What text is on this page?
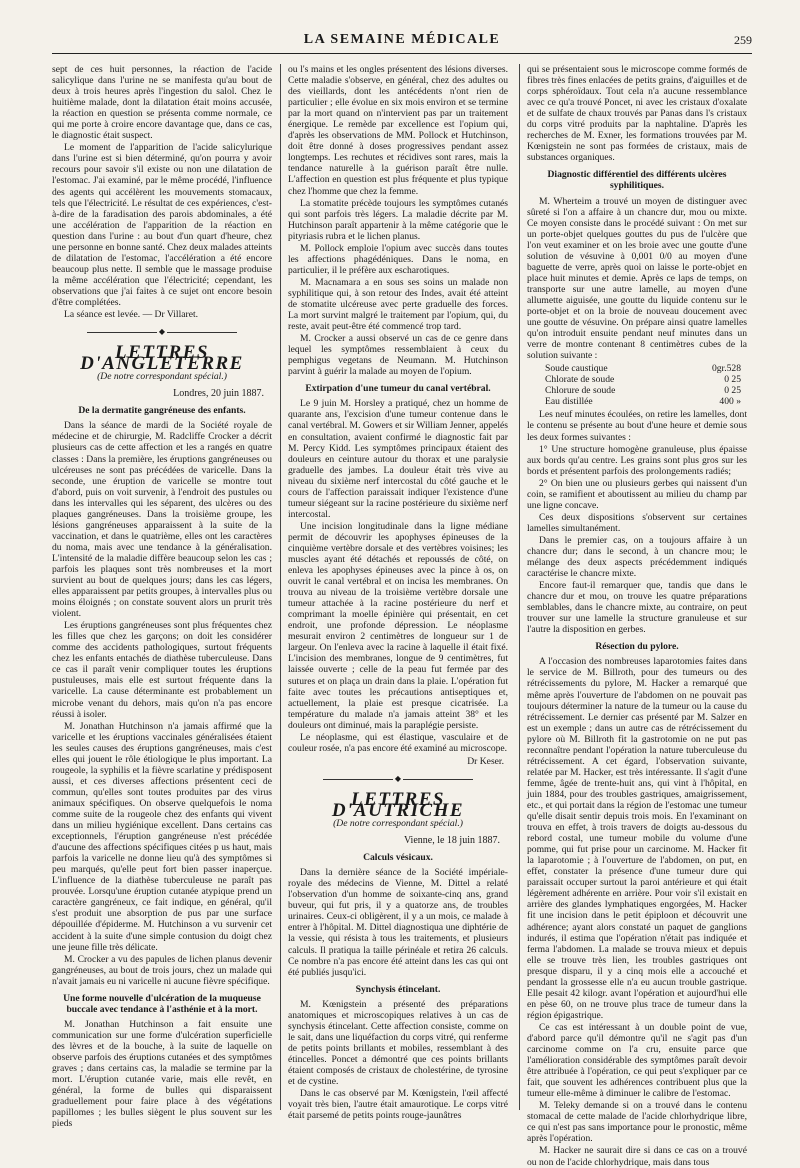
LA SEMAINE MÉDICALE	259

sept de ces huit personnes, la réaction de l'acide salicylique dans l'urine ne se manifesta qu'au bout de deux à trois heures après l'ingestion du salol. Chez le huitième malade, dont la dilatation était moins accusée, la réaction en question se présenta comme normale, ce qui me porte à croire encore davantage que, dans ce cas, le diagnostic était suspect.

Le moment de l'apparition de l'acide salicylurique dans l'urine est si bien déterminé, qu'on pourra y avoir recours pour savoir s'il existe ou non une dilatation de l'estomac. J'ai examiné, par le même procédé, l'influence des agents qui accélèrent les mouvements stomacaux, tels que l'électricité. Le résultat de ces expériences, c'est-à-dire de la faradisation des parois abdominales, a été une accélération de l'apparition de la réaction en question dans l'urine : au bout d'un quart d'heure, chez une personne en bonne santé. Chez deux malades atteints de dilatation de l'estomac, l'accélération a été encore beaucoup plus nette. Il semble que le massage produise la même accélération que l'électricité; cependant, les observations que j'ai faites à ce sujet ont encore besoin d'être complétées.

La séance est levée. — Dr Villaret.

◆
LETTRES D'ANGLETERRE
(De notre correspondant spécial.)
Londres, 20 juin 1887.
De la dermatite gangréneuse des enfants.

Dans la séance de mardi de la Société royale de médecine et de chirurgie, M. Radcliffe Crocker a décrit plusieurs cas de cette affection et les a rangés en quatre classes : Dans la première, les éruptions gangréneuses ou ulcéreuses ne sont pas précédées de varicelle. Dans la seconde, une éruption de varicelle se montre tout d'abord, puis on voit survenir, à l'endroit des pustules ou dans les intervalles qui les séparent, des ulcères ou des plaques gangréneuses. Dans la troisième groupe, les lésions gangréneuses apparaissent à la suite de la vaccination, et dans le quatrième, elles ont les caractères du noma, mais avec une tendance à la généralisation. L'intensité de la maladie diffère beaucoup selon les cas ; parfois les plaques sont très nombreuses et la mort survient au bout de quelques jours; dans les cas légers, elles apparaissent par petits groupes, à intervalles plus ou moins éloignés ; on constate souvent alors un prurit très violent.

Les éruptions gangréneuses sont plus fréquentes chez les filles que chez les garçons; on doit les considérer comme des accidents pathologiques, surtout fréquents chez les enfants entachés de diathèse tuberculeuse. Dans ce cas il paraît venir compliquer toutes les éruptions pustuleuses, mais elle est surtout fréquente dans la varicelle. La cause déterminante est probablement un microbe venant du dehors, mais qu'on n'a pas encore réussi à isoler.

M. Jonathan Hutchinson n'a jamais affirmé que la varicelle et les éruptions vaccinales généralisées étaient les seules causes des éruptions gangréneuses, mais c'est elles qui jouent le rôle étiologique le plus important. La rougeole, la syphilis et la fièvre scarlatine y prédisposent aussi, et ces diverses affections présentent ceci de commun, qu'elles sont toutes produites par des virus animaux spécifiques. On observe quelquefois le noma comme suite de la rougeole chez des enfants qui vivent dans un milieu hygiénique excellent. Dans certains cas exceptionnels, l'éruption gangréneuse n'est précédée d'aucune des affections spécifiques citées p us haut, mais parfois la varicelle ne donne lieu qu'à des symptômes si peu marqués, qu'elle peut fort bien passer inaperçue. L'influence de la diathèse tuberculeuse ne paraît pas prouvée. Lorsqu'une éruption cutanée atypique prend un caractère gangréneux, ce fait indique, en général, qu'il s'est produit une absorption de pus par une surface dépouillée d'épiderme. M. Hutchinson a vu survenir cet accident à la suite d'une simple contusion du doigt chez une jeune fille très délicate.

M. Crocker a vu des papules de lichen planus devenir gangréneuses, au bout de trois jours, chez un malade qui n'avait jamais eu ni varicelle ni aucune fièvre spécifique.

Une forme nouvelle d'ulcération de la muqueuse buccale avec tendance à l'asthénie et à la mort.

M. Jonathan Hutchinson a fait ensuite une communication sur une forme d'ulcération superficielle des lèvres et de la bouche, à la suite de laquelle on observe parfois des éruptions cutanées et des symptômes graves ; dans certains cas, la maladie se termine par la mort. L'éruption cutanée varie, mais elle revêt, en général, la forme de bulles qui disparaissent graduellement pour faire place à des végétations papillomes ; les bulles siègent le plus souvent sur les pieds

ou l's mains et les ongles présentent des lésions diverses. Cette maladie s'observe, en général, chez des adultes ou des vieillards, dont les antécédents n'ont rien de particulier ; elle évolue en six mois environ et se termine par la mort quand on n'intervient pas par un traitement énergique. Le remède par excellence est l'opium qui, d'après les observations de MM. Pollock et Hutchinson, doit être donné à doses progressives pendant assez longtemps. Les rechutes et récidives sont rares, mais la tendance naturelle à la guérison paraît être nulle. L'affection en question est plus fréquente et plus typique chez l'homme que chez la femme.

La stomatite précède toujours les symptômes cutanés qui sont parfois très légers. La maladie décrite par M. Hutchinson paraît appartenir à la même catégorie que le pityriasis rubra et le lichen planus.

M. Pollock emploie l'opium avec succès dans toutes les affections phagédéniques. Dans le noma, en particulier, il le préfère aux escharotiques.

M. Macnamara a en sous ses soins un malade non syphilitique qui, à son retour des Indes, avait été atteint de stomatite ulcéreuse avec perte graduelle des forces. La mort survint malgré le traitement par l'opium, qui, du reste, avait peut-être été commencé trop tard.

M. Crocker a aussi observé un cas de ce genre dans lequel les symptômes ressemblaient à ceux du pemphigus vegetans de Neumann. M. Hutchinson parvint à guérir la malade au moyen de l'opium.

Extirpation d'une tumeur du canal vertébral.

Le 9 juin M. Horsley a pratiqué, chez un homme de quarante ans, l'excision d'une tumeur contenue dans le canal vertébral. M. Gowers et sir William Jenner, appelés en consultation, avaient confirmé le diagnostic fait par M. Percy Kidd. Les symptômes principaux étaient des douleurs en ceinture autour du thorax et une paralysie graduelle des jambes. La douleur était très vive au niveau du sixième nerf intercostal du côté gauche et le cours de l'affection paraissait indiquer l'existence d'une tumeur siégeant sur la racine postérieure du sixième nerf intercostal.

Une incision longitudinale dans la ligne médiane permit de découvrir les apophyses épineuses de la cinquième vertèbre dorsale et des vertèbres voisines; les muscles ayant été détachés et repoussés de côté, on enleva les apophyses épineuses avec la pince à os, on ouvrit le canal vertébral et on incisa les membranes. On trouva au niveau de la troisième vertèbre dorsale une tumeur attachée à la racine postérieure du nerf et comprimant la moelle épinière qui présentait, en cet endroit, une profonde dépression. Le néoplasme mesurait environ 2 centimètres de longueur sur 1 de largeur. On l'enleva avec la racine à laquelle il était fixé. L'incision des membranes, longue de 9 centimètres, fut laissée ouverte ; celle de la peau fut fermée par des sutures et on plaça un drain dans la plaie. L'opération fut faite avec toutes les précautions antiseptiques et, actuellement, la plaie est presque cicatrisée. La température du malade n'a jamais atteint 38° et les douleurs ont diminué, mais la paraplégie persiste.

Le néoplasme, qui est élastique, vasculaire et de couleur rosée, n'a pas encore été examiné au microscope.

Dr Keser.
◆
LETTRES D'AUTRICHE
(De notre correspondant spécial.)
Vienne, le 18 juin 1887.
Calculs vésicaux.

Dans la dernière séance de la Société impériale-royale des médecins de Vienne, M. Dittel a relaté l'observation d'un homme de soixante-cinq ans, grand buveur, qui fut pris, il y a quatorze ans, de troubles urinaires. Ceux-ci obligèrent, il y a un mois, ce malade à entrer à l'hôpital. M. Dittel diagnostiqua une diphtérie de la vessie, qui résista à tous les traitements, et plusieurs calculs. Il pratiqua la taille périnéale et retira 26 calculs. Ce nombre n'a pas encore été atteint dans les cas qui ont été publiés jusqu'ici.

Synchysis étincelant.

M. Kœnigstein a présenté des préparations anatomiques et microscopiques relatives à un cas de synchysis étincelant. Cette affection consiste, comme on le sait, dans une liquéfaction du corps vitré, qui renferme de petits points brillants et mobiles, ressemblant à des étincelles. Poncet a démontré que ces points brillants étaient composés de cristaux de cholestérine, de tyrosine et de cystine.

Dans le cas observé par M. Kœnigstein, l'œil affecté voyait très bien, l'autre était amaurotique. Le corps vitré était parsemé de petits points rouge-jaunâtres

qui se présentaient sous le microscope comme formés de fibres très fines enlacées de petits grains, d'aiguilles et de corps sphéroïdaux. Tout cela n'a aucune ressemblance avec ce qu'a trouvé Poncet, ni avec les cristaux d'oxalate et de sulfate de chaux trouvés par Panas dans l's cristaux du corps vitré produits par la naphtaline. D'après les recherches de M. Exner, les formations trouvées par M. Kœnigstein ne sont pas formées de cristaux, mais de substances organiques.

Diagnostic différentiel des différents ulcères syphilitiques.

M. Wherteim a trouvé un moyen de distinguer avec sûreté si l'on a affaire à un chancre dur, mou ou mixte. Ce moyen consiste dans le procédé suivant : On met sur un porte-objet quelques gouttes du pus de l'ulcère que l'on veut examiner et on les broie avec une goutte d'une solution de vésuvine à 0,001 0/0 au moyen d'une baguette de verre, après quoi on laisse le porte-objet en place huit minutes et demie. Après ce laps de temps, on transporte sur une autre lamelle, au moyen d'une allumette aiguisée, une goutte du liquide contenu sur le porte-objet et on la broie de nouveau doucement avec une goutte de vésuvine. On prépare ainsi quatre lamelles qu'on introduit ensuite pendant neuf minutes dans un verre de montre contenant 8 centimètres cubes de la solution suivante :

Soude caustique	0gr.528
Chlorate de soude	0 25
Chlorure de soude	0 25
Eau distillée	400 »

Les neuf minutes écoulées, on retire les lamelles, dont le contenu se présente au bout d'une heure et demie sous les deux formes suivantes :

1° Une structure homogène granuleuse, plus épaisse aux bords qu'au centre. Les grains sont plus gros sur les bords et présentent parfois des prolongements radiés;

2° On bien une ou plusieurs gerbes qui naissent d'un coin, se ramifient et aboutissent au milieu du champ par une ligne concave.

Ces deux dispositions s'observent sur certaines lamelles simultanément.

Dans le premier cas, on a toujours affaire à un chancre dur; dans le second, à un chancre mou; le mélange des deux aspects précédemment indiqués caractérise le chancre mixte.

Encore faut-il remarquer que, tandis que dans le chancre dur et mou, on trouve les quatre préparations semblables, dans le chancre mixte, au contraire, on peut trouver sur une lamelle la structure granuleuse et sur l'autre la disposition en gerbes.

Résection du pylore.

A l'occasion des nombreuses laparotomies faites dans le service de M. Billroth, pour des tumeurs ou des rétrécissements du pylore, M. Hacker a remarqué que même après l'ouverture de l'abdomen on ne pouvait pas toujours déterminer la nature de la tumeur ou la cause du rétrécissement. Le dernier cas présenté par M. Salzer en est un exemple ; dans un autre cas de rétrécissement du pylore où M. Billroth fit la gastrotomie on ne put pas reconnaître pendant l'opération la nature tuberculeuse du rétrécissement. A cet égard, l'observation suivante, relatée par M. Hacker, est très intéressante. Il s'agit d'une femme, âgée de trente-huit ans, qui vint à l'hôpital, en juin 1884, pour des troubles gastriques, amaigrissement, etc., et qui portait dans la région de l'estomac une tumeur qu'elle disait sentir depuis trois mois. En l'examinant on trouva en effet, à trois travers de doigts au-dessous du rebord costal, une tumeur mobile du volume d'une pomme, qui fut prise pour un carcinome. M. Hacker fit la laparotomie ; à l'ouverture de l'abdomen, on put, en effet, constater la présence d'une tumeur dure qui paraissait occuper surtout la paroi antérieure et qui était légèrement adhérente en arrière. Pour voir s'il existait en arrière des glandes lymphatiques engorgées, M. Hacker fit une incision dans le petit épiploon et découvrit une adhérence; ayant alors constaté un paquet de ganglions indurés, il estima que l'opération n'était pas indiquée et ferma l'abdomen. La malade se trouva mieux et depuis elle se trouve très lien, les troubles gastriques ont presque disparu, il y a cinq mois elle a accouché et pendant la grossesse elle n'a eu aucun trouble gastrique. Elle pesait 42 kilogr. avant l'opération et aujourd'hui elle en pèse 60, on ne trouve plus trace de tumeur dans la région épigastrique.

Ce cas est intéressant à un double point de vue, d'abord parce qu'il démontre qu'il ne s'agit pas d'un carcinome comme on l'a cru, ensuite parce que l'amélioration considérable des symptômes paraît devoir être attribuée à l'opération, ce qui peut s'expliquer par ce fait, que souvent les adhérences contribuent plus que la tumeur elle-même à diminuer le calibre de l'estomac.

M. Teleky demande si on a trouvé dans le contenu stomacal de cette malade de l'acide chlorhydrique libre, ce qui n'est pas sans importance pour le pronostic, même après l'opération.

M. Hacker ne saurait dire si dans ce cas on a trouvé ou non de l'acide chlorhydrique, mais dans tous
